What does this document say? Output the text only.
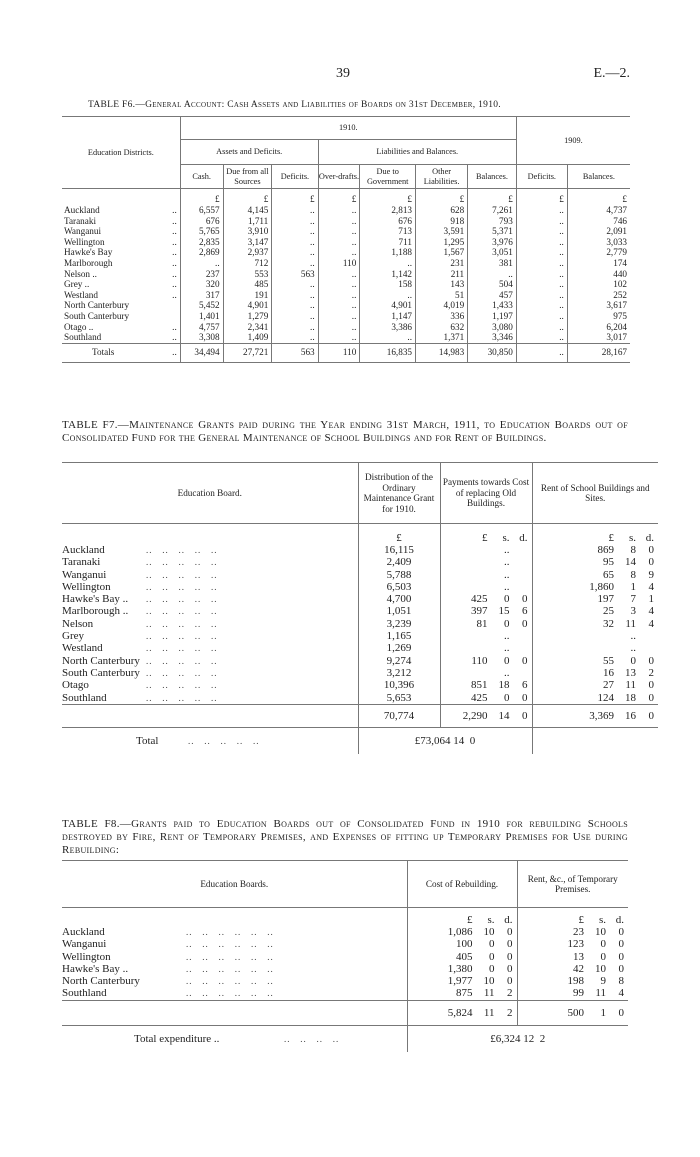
39	E.—2.
TABLE F6.—General Account: Cash Assets and Liabilities of Boards on 31st December, 1910.
Education Districts.	1910.							1909.	
	Assets and Deficits.			Liabilities and Balances.					
	Cash.	Due from all Sources	Deficits.	Over-drafts.	Due to Government	Other Liabilities.	Balances.	Deficits.	Balances.
	£	£	£	£	£	£	£	£	£
Auckland ..	6,557	4,145	..	..	2,813	628	7,261	..	4,737
Taranaki ..	676	1,711	..	..	676	918	793	..	746
Wanganui ..	5,765	3,910	..	..	713	3,591	5,371	..	2,091
Wellington ..	2,835	3,147	..	..	711	1,295	3,976	..	3,033
Hawke's Bay ..	2,869	2,937	..	..	1,188	1,567	3,051	..	2,779
Marlborough ..	..	712	..	110	..	231	381	..	174
Nelson .. ..	237	553	563	..	1,142	211	..	..	440
Grey .. ..	320	485	..	..	158	143	504	..	102
Westland ..	317	191	..	..	..	51	457	..	252
North Canterbury	5,452	4,901	..	..	4,901	4,019	1,433	..	3,617
South Canterbury	1,401	1,279	..	..	1,147	336	1,197	..	975
Otago .. ..	4,757	2,341	..	..	3,386	632	3,080	..	6,204
Southland ..	3,308	1,409	..	..	..	1,371	3,346	..	3,017
Totals ..	34,494	27,721	563	110	16,835	14,983	30,850	..	28,167
TABLE F7.—Maintenance Grants paid during the Year ending 31st March, 1911, to Education Boards out of Consolidated Fund for the General Maintenance of School Buildings and for Rent of Buildings.
Education Board.	Distribution of the Ordinary Maintenance Grant for 1910.	Payments towards Cost of replacing Old Buildings.	Rent of School Buildings and Sites.
	£	£ s. d.	£ s. d.
Auckland ..   ..   ..   ..   ..	16,115	..	869 8 0
Taranaki ..   ..   ..   ..   ..	2,409	..	95 14 0
Wanganui ..   ..   ..   ..   ..	5,788	..	65 8 9
Wellington ..   ..   ..   ..   ..	6,503	..	1,860 1 4
Hawke's Bay .. ..   ..   ..   ..   ..	4,700	425 0 0	197 7 1
Marlborough .. ..   ..   ..   ..   ..	1,051	397 15 6	25 3 4
Nelson ..   ..   ..   ..   ..	3,239	81 0 0	32 11 4
Grey ..   ..   ..   ..   ..	1,165	..	..
Westland ..   ..   ..   ..   ..	1,269	..	..
North Canterbury ..   ..   ..   ..   ..	9,274	110 0 0	55 0 0
South Canterbury ..   ..   ..   ..   ..	3,212	..	16 13 2
Otago ..   ..   ..   ..   ..	10,396	851 18 6	27 11 0
Southland ..   ..   ..   ..   ..	5,653	425 0 0	124 18 0
	70,774	2,290 14 0	3,369 16 0
Total ..   ..   ..   ..   ..	£73,064 14  0		
TABLE F8.—Grants paid to Education Boards out of Consolidated Fund in 1910 for rebuilding Schools destroyed by Fire, Rent of Temporary Premises, and Expenses of fitting up Temporary Premises for Use during Rebuilding:
Education Boards.	Cost of Rebuilding.	Rent, &c., of Temporary Premises.
	£ s. d.	£ s. d.
Auckland ..   ..   ..   ..   ..   ..	1,086 10 0	23 10 0
Wanganui ..   ..   ..   ..   ..   ..	100 0 0	123 0 0
Wellington ..   ..   ..   ..   ..   ..	405 0 0	13 0 0
Hawke's Bay .. ..   ..   ..   ..   ..   ..	1,380 0 0	42 10 0
North Canterbury ..   ..   ..   ..   ..   ..	1,977 10 0	198 9 8
Southland ..   ..   ..   ..   ..   ..	875 11 2	99 11 4
	5,824 11 2	500 1 0
Total expenditure .. ..   ..   ..   ..	£6,324 12  2	
